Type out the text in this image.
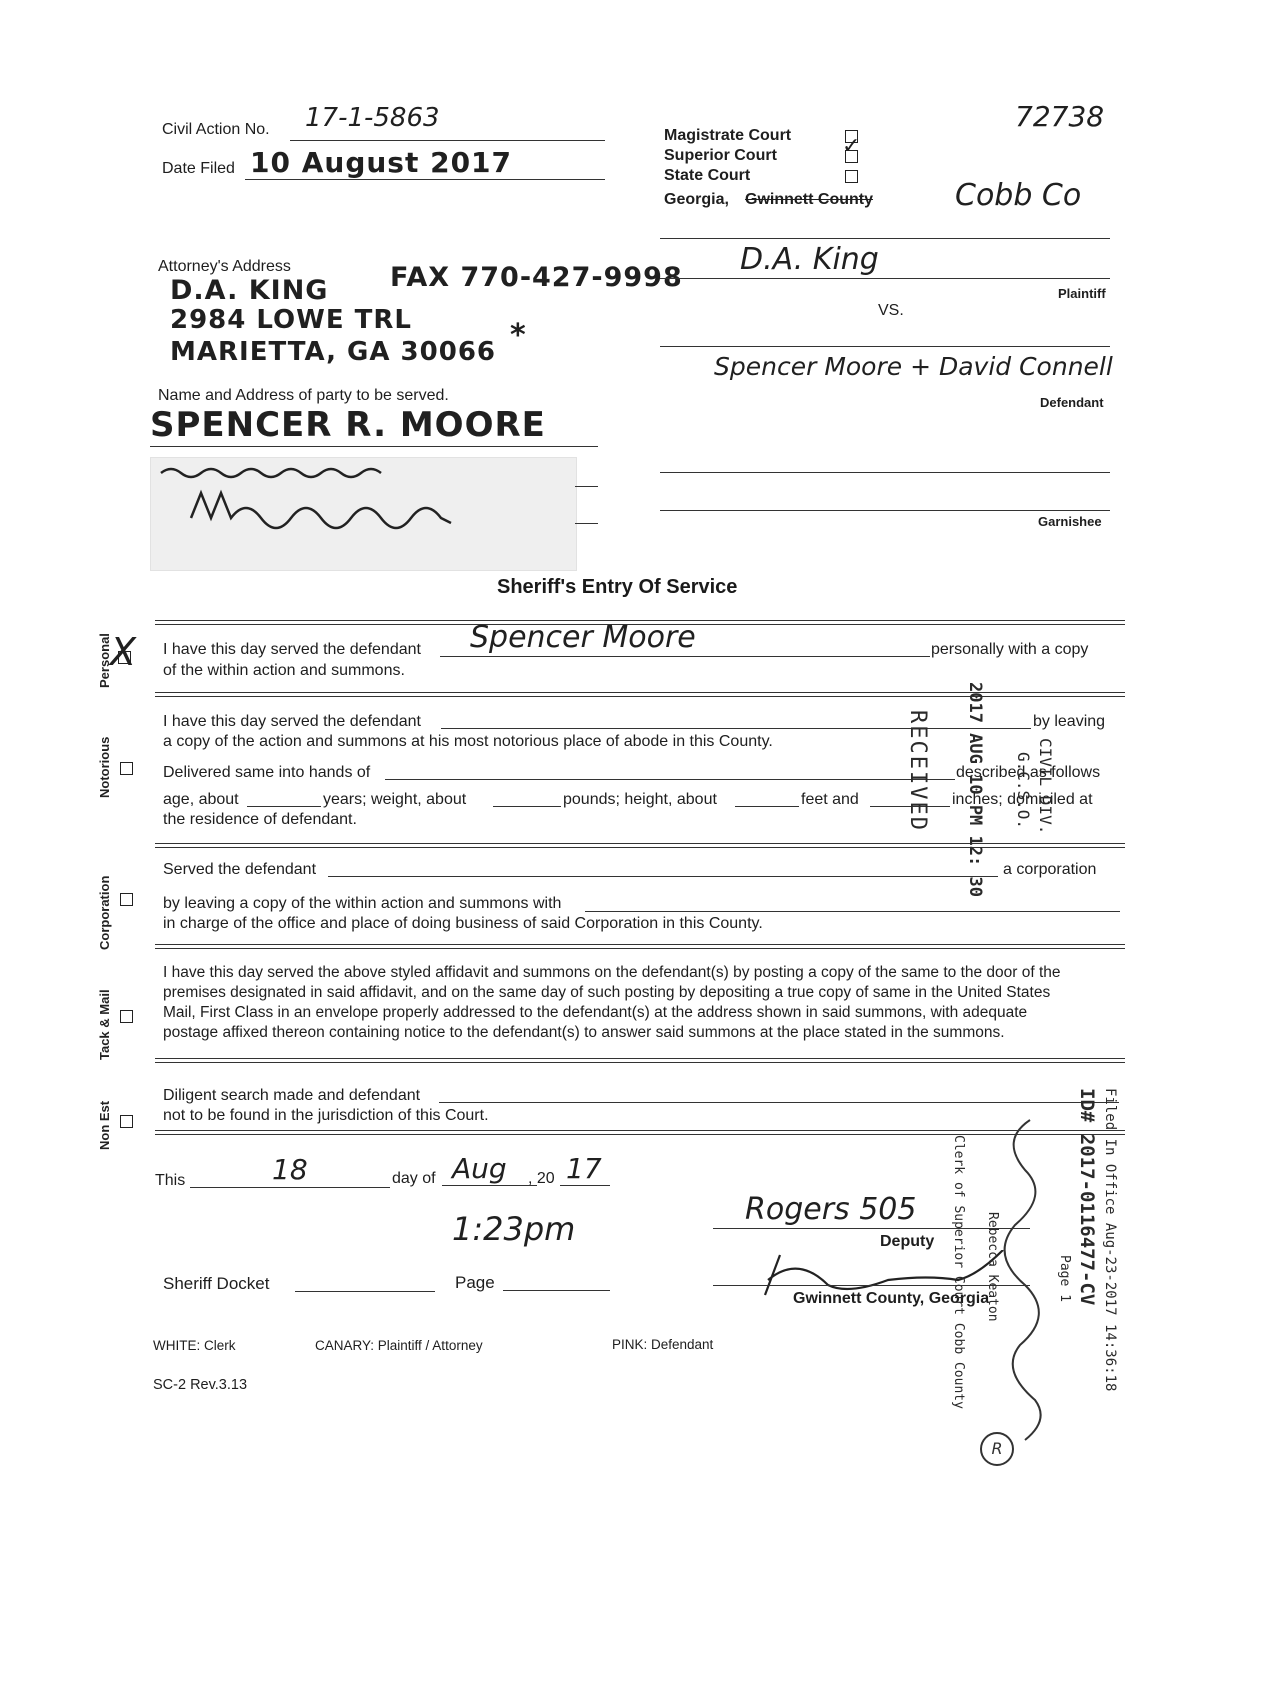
Civil Action No. 17-1-5863
Date Filed 10 August 2017
72738
Magistrate Court
Superior Court	✓
State Court
Georgia, Gwinnett County	Cobb Co
Attorney's Address
D.A. KING FAX 770-427-9998
2984 LOWE TRL
MARIETTA, GA 30066 *
Name and Address of party to be served.
SPENCER R. MOORE
D.A. King
Plaintiff
VS.
Spencer Moore + David Connell
Defendant
Garnishee
Sheriff's Entry Of Service
Personal
X I have this day served the defendant Spencer Moore	personally with a copy
of the within action and summons.
Notorious
I have this day served the defendant	by leaving
a copy of the action and summons at his most notorious place of abode in this County.
Delivered same into hands of	described as follows
age, about	years; weight, about	pounds; height, about	feet and	inches; domiciled at
the residence of defendant.
Corporation
Served the defendant	a corporation
by leaving a copy of the within action and summons with
in charge of the office and place of doing business of said Corporation in this County.
Tack & Mail
I have this day served the above styled affidavit and summons on the defendant(s) by posting a copy of the same to the door of the
premises designated in said affidavit, and on the same day of such posting by depositing a true copy of same in the United States
Mail, First Class in an envelope properly addressed to the defendant(s) at the address shown in said summons, with adequate
postage affixed thereon containing notice to the defendant(s) to answer said summons at the place stated in the summons.
Non Est
Diligent search made and defendant
not to be found in the jurisdiction of this Court.
This	18	day of Aug , 20 17
1:23pm
Rogers 505
Deputy
Gwinnett County, Georgia
Sheriff Docket	Page
WHITE: Clerk	CANARY: Plaintiff / Attorney	PINK: Defendant
SC-2 Rev.3.13
RECEIVED 2017 AUG 10 PM 12: 30	CIVIL DIV.
G.C.S.O.
Filed In Office Aug-23-2017 14:36:18
ID# 2017-0116477-CV
Page 1
Rebecca Keaton
Clerk of Superior Court Cobb County
R
